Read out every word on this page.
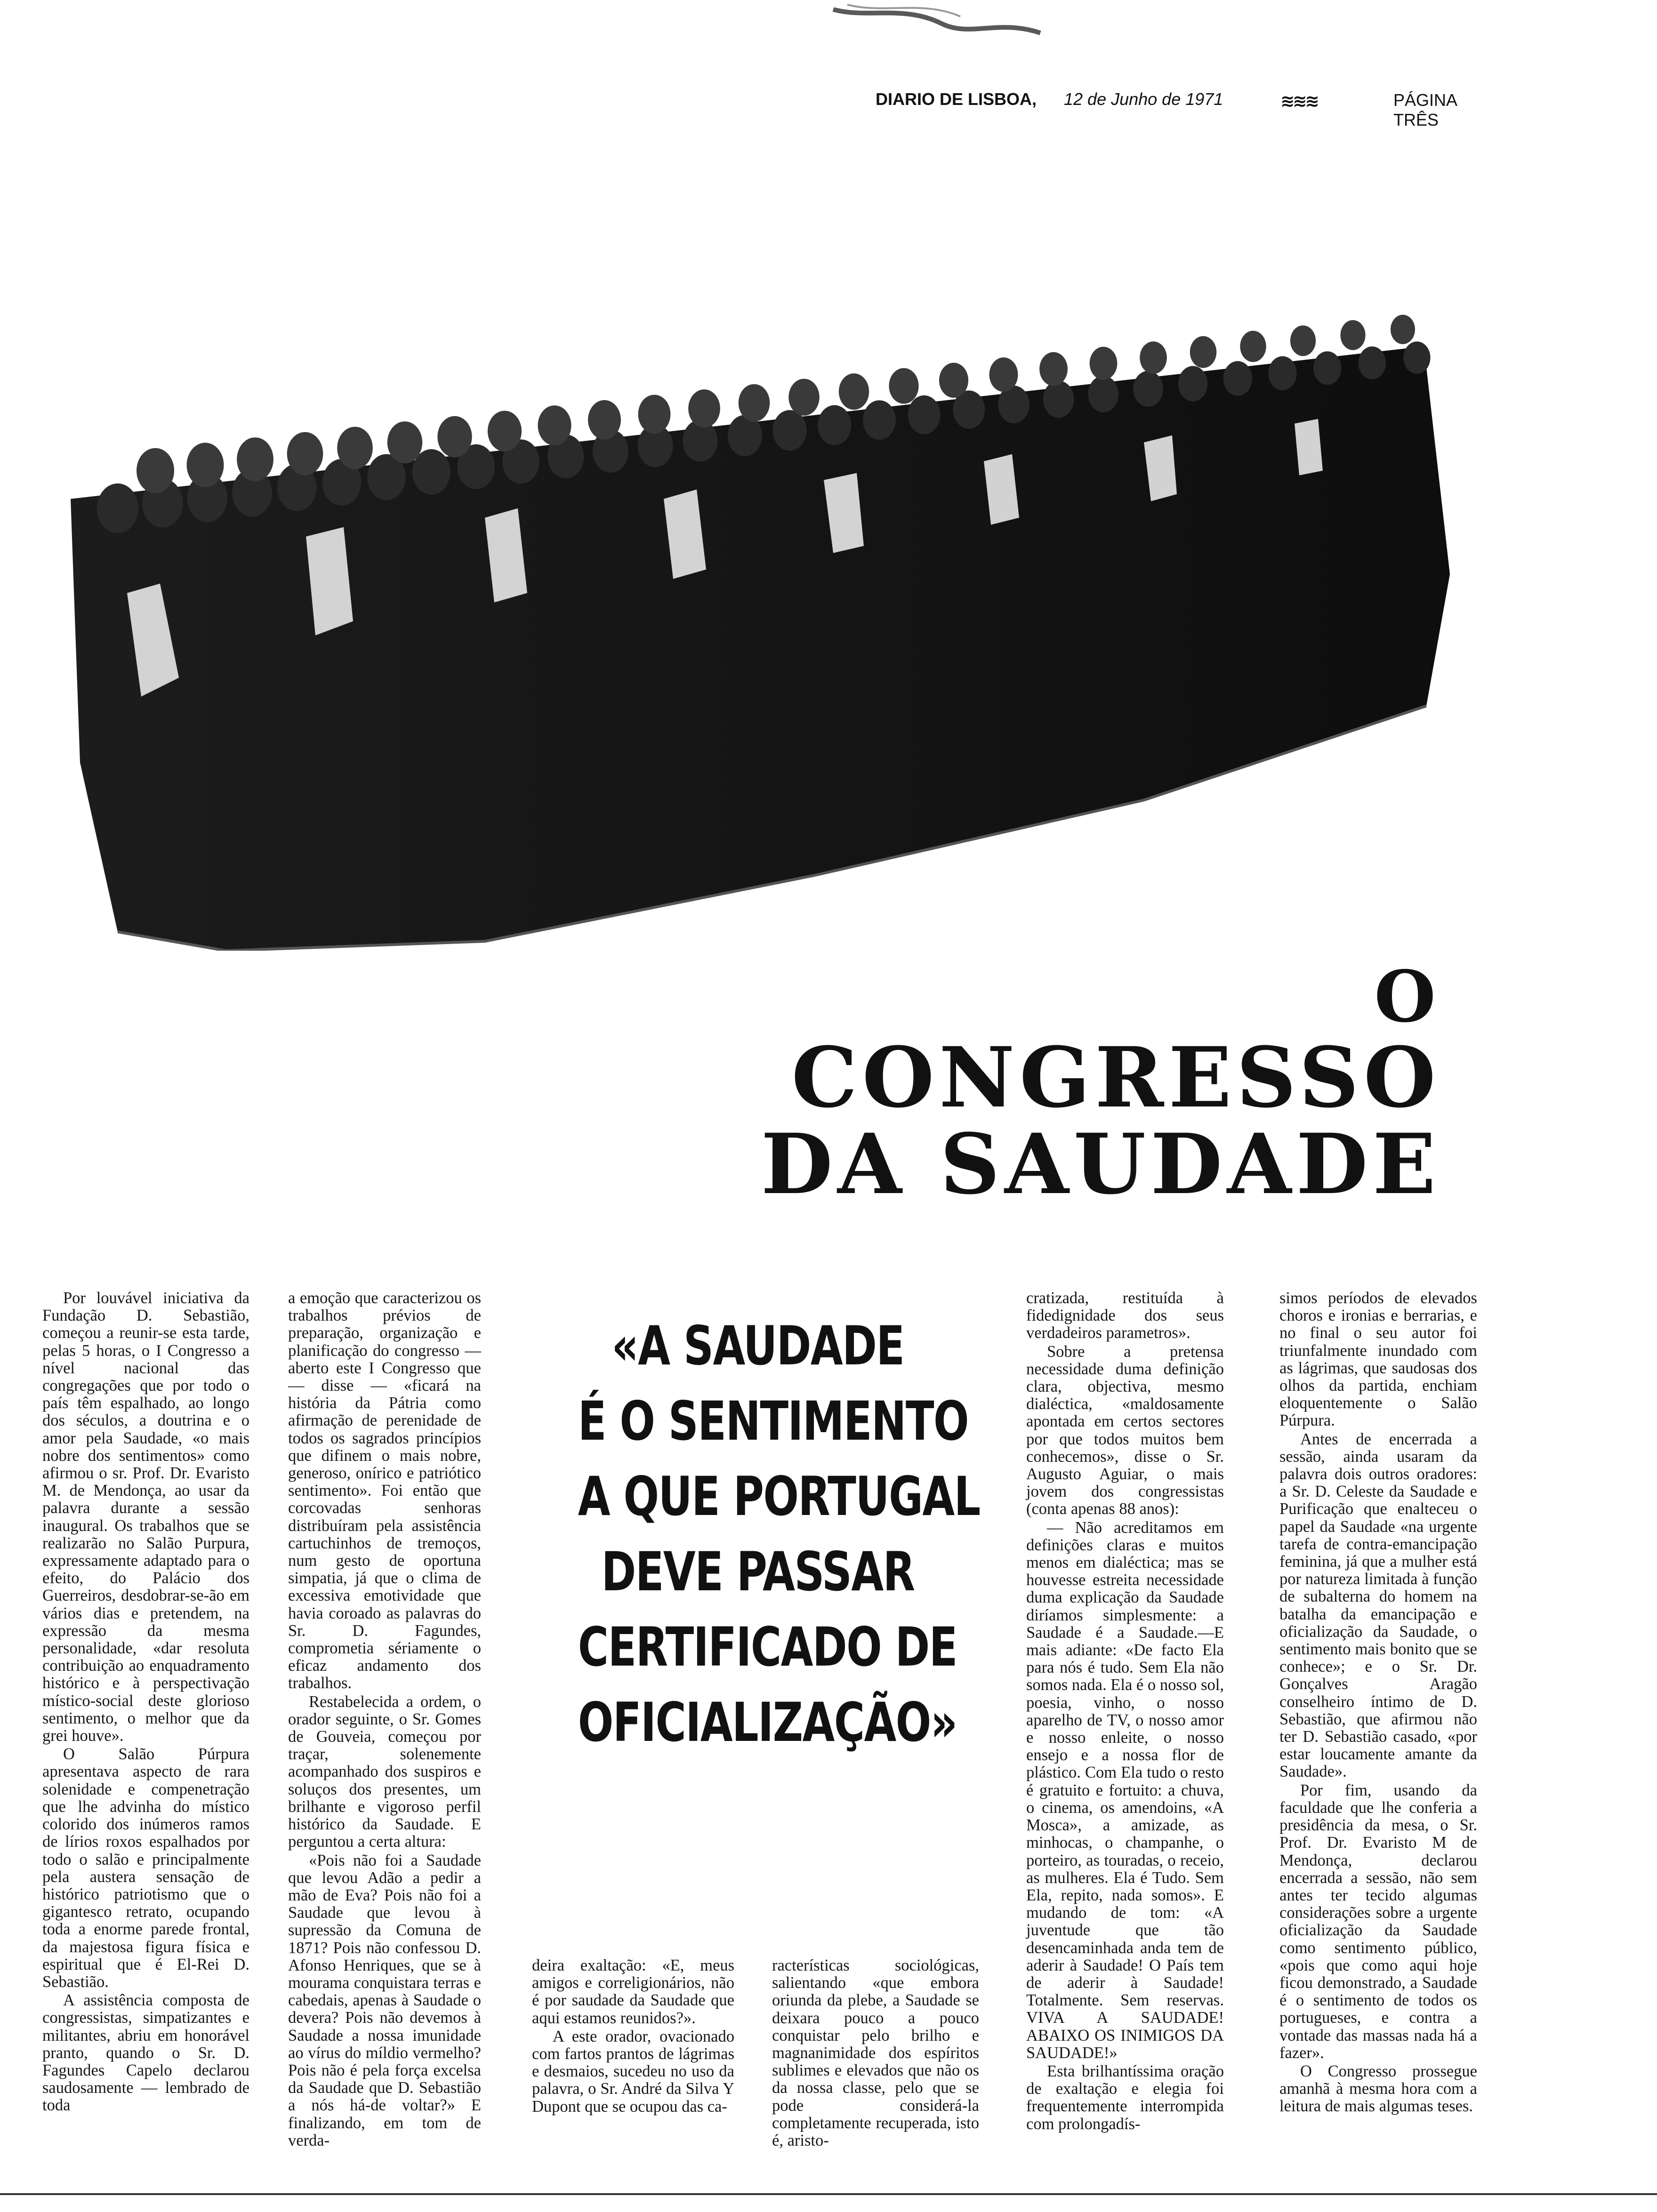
DIARIO DE LISBOA, 12 de Junho de 1971	≋≋≋	PÁGINA TRÊS
O
CONGRESSO
DA SAUDADE

Por louvável iniciativa da Fundação D. Sebastião, começou a reunir-se esta tarde, pelas 5 horas, o I Congresso a nível nacional das congregações que por todo o país têm espalhado, ao longo dos séculos, a doutrina e o amor pela Saudade, «o mais nobre dos sentimentos» como afirmou o sr. Prof. Dr. Evaristo M. de Mendonça, ao usar da palavra durante a sessão inaugural. Os trabalhos que se realizarão no Salão Purpura, expressamente adaptado para o efeito, do Palácio dos Guerreiros, desdobrar-se-ão em vários dias e pretendem, na expressão da mesma personalidade, «dar resoluta contribuição ao enquadramento histórico e à perspectivação místico-social deste glorioso sentimento, o melhor que da grei houve».

O Salão Púrpura apresentava aspecto de rara solenidade e compenetração que lhe advinha do místico colorido dos inúmeros ramos de lírios roxos espalhados por todo o salão e principalmente pela austera sensação de histórico patriotismo que o gigantesco retrato, ocupando toda a enorme parede frontal, da majestosa figura física e espiritual que é El-Rei D. Sebastião.

A assistência composta de congressistas, simpatizantes e militantes, abriu em honorável pranto, quando o Sr. D. Fagundes Capelo declarou saudosamente — lembrado de toda

a emoção que caracterizou os trabalhos prévios de preparação, organização e planificação do congresso — aberto este I Congresso que — disse — «ficará na história da Pátria como afirmação de perenidade de todos os sagrados princípios que difinem o mais nobre, generoso, onírico e patriótico sentimento». Foi então que corcovadas senhoras distribuíram pela assistência cartuchinhos de tremoços, num gesto de oportuna simpatia, já que o clima de excessiva emotividade que havia coroado as palavras do Sr. D. Fagundes, comprometia sériamente o eficaz andamento dos trabalhos.

Restabelecida a ordem, o orador seguinte, o Sr. Gomes de Gouveia, começou por traçar, solenemente acompanhado dos suspiros e soluços dos presentes, um brilhante e vigoroso perfil histórico da Saudade. E perguntou a certa altura:

«Pois não foi a Saudade que levou Adão a pedir a mão de Eva? Pois não foi a Saudade que levou à supressão da Comuna de 1871? Pois não confessou D. Afonso Henriques, que se à mourama conquistara terras e cabedais, apenas à Saudade o devera? Pois não devemos à Saudade a nossa imunidade ao vírus do míldio vermelho? Pois não é pela força excelsa da Saudade que D. Sebastião a nós há-de voltar?» E finalizando, em tom de verda-

«A SAUDADE
É O SENTIMENTO
A QUE PORTUGAL
DEVE PASSAR
CERTIFICADO DE
OFICIALIZAÇÃO»

deira exaltação: «E, meus amigos e correligionários, não é por saudade da Saudade que aqui estamos reunidos?».

A este orador, ovacionado com fartos prantos de lágrimas e desmaios, sucedeu no uso da palavra, o Sr. André da Silva Y Dupont que se ocupou das ca-

racterísticas sociológicas, salientando «que embora oriunda da plebe, a Saudade se deixara pouco a pouco conquistar pelo brilho e magnanimidade dos espíritos sublimes e elevados que não os da nossa classe, pelo que se pode considerá-la completamente recuperada, isto é, aristo-

cratizada, restituída à fidedignidade dos seus verdadeiros parametros».

Sobre a pretensa necessidade duma definição clara, objectiva, mesmo dialéctica, «maldosamente apontada em certos sectores por que todos muitos bem conhecemos», disse o Sr. Augusto Aguiar, o mais jovem dos congressistas (conta apenas 88 anos):

— Não acreditamos em definições claras e muitos menos em dialéctica; mas se houvesse estreita necessidade duma explicação da Saudade diríamos simplesmente: a Saudade é a Saudade.—E mais adiante: «De facto Ela para nós é tudo. Sem Ela não somos nada. Ela é o nosso sol, poesia, vinho, o nosso aparelho de TV, o nosso amor e nosso enleite, o nosso ensejo e a nossa flor de plástico. Com Ela tudo o resto é gratuito e fortuito: a chuva, o cinema, os amendoins, «A Mosca», a amizade, as minhocas, o champanhe, o porteiro, as touradas, o receio, as mulheres. Ela é Tudo. Sem Ela, repito, nada somos». E mudando de tom: «A juventude que tão desencaminhada anda tem de aderir à Saudade! O País tem de aderir à Saudade! Totalmente. Sem reservas. VIVA A SAUDADE! ABAIXO OS INIMIGOS DA SAUDADE!»

Esta brilhantíssima oração de exaltação e elegia foi frequentemente interrompida com prolongadís-

simos períodos de elevados choros e ironias e berrarias, e no final o seu autor foi triunfalmente inundado com as lágrimas, que saudosas dos olhos da partida, enchiam eloquentemente o Salão Púrpura.

Antes de encerrada a sessão, ainda usaram da palavra dois outros oradores: a Sr. D. Celeste da Saudade e Purificação que enalteceu o papel da Saudade «na urgente tarefa de contra-emancipação feminina, já que a mulher está por natureza limitada à função de subalterna do homem na batalha da emancipação e oficialização da Saudade, o sentimento mais bonito que se conhece»; e o Sr. Dr. Gonçalves Aragão conselheiro íntimo de D. Sebastião, que afirmou não ter D. Sebastião casado, «por estar loucamente amante da Saudade».

Por fim, usando da faculdade que lhe conferia a presidência da mesa, o Sr. Prof. Dr. Evaristo M de Mendonça, declarou encerrada a sessão, não sem antes ter tecido algumas considerações sobre a urgente oficialização da Saudade como sentimento público, «pois que como aqui hoje ficou demonstrado, a Saudade é o sentimento de todos os portugueses, e contra a vontade das massas nada há a fazer».

O Congresso prossegue amanhã à mesma hora com a leitura de mais algumas teses.
